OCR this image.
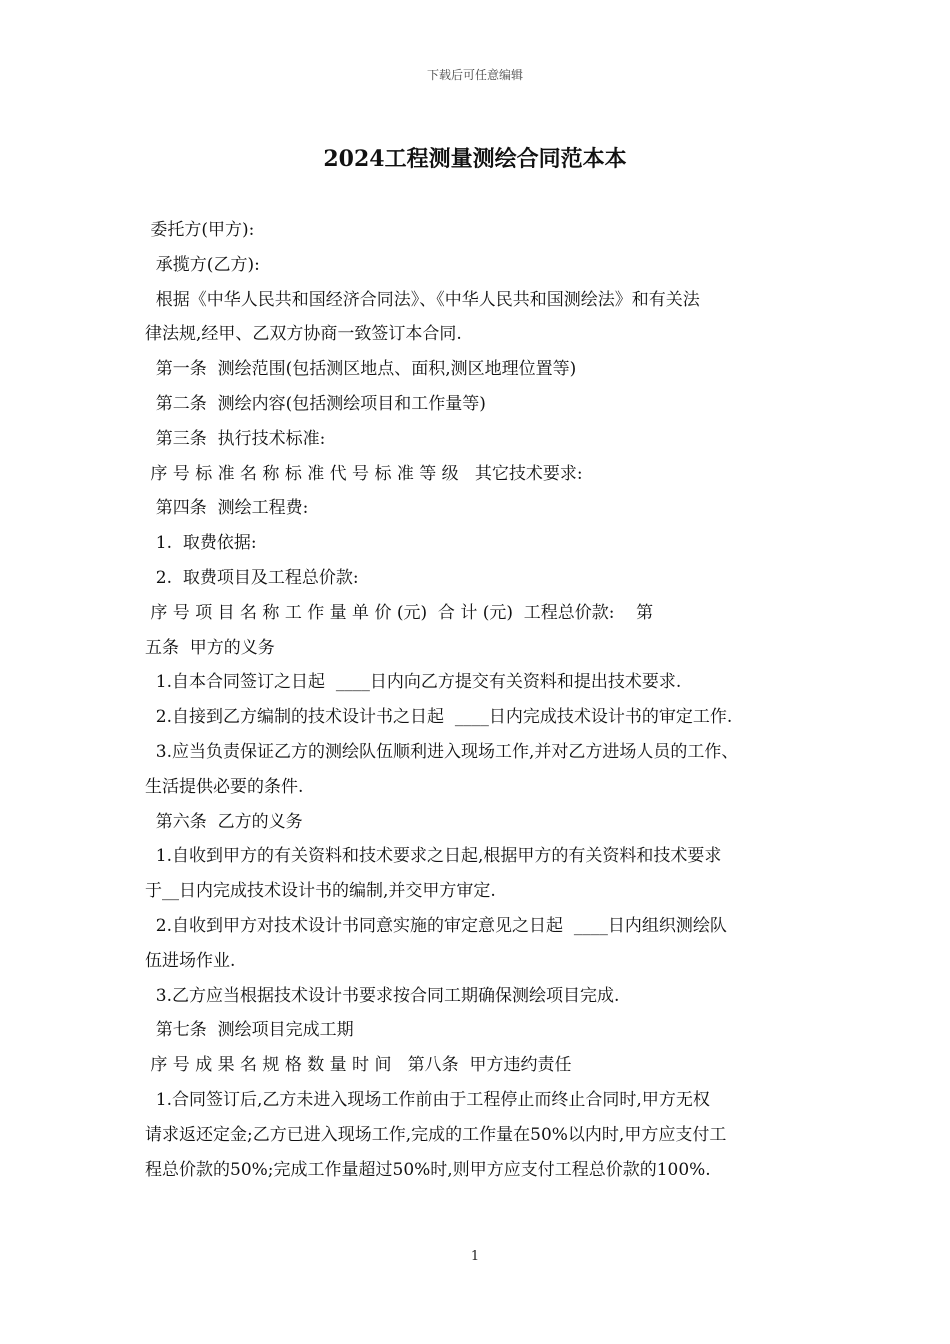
下载后可任意编辑
2024工程测量测绘合同范本本
委托方(甲方):
承揽方(乙方):
根据《中华人民共和国经济合同法》、《中华人民共和国测绘法》和有关法
律法规,经甲、乙双方协商一致签订本合同.
第一条  测绘范围(包括测区地点、面积,测区地理位置等)
第二条  测绘内容(包括测绘项目和工作量等)
第三条  执行技术标准:
序 号 标 准 名 称 标 准 代 号 标 准 等 级   其它技术要求:
第四条  测绘工程费:
1.  取费依据:
2.  取费项目及工程总价款:
序 号 项 目 名 称 工 作 量 单 价 (元)  合 计 (元)  工程总价款:    第
五条  甲方的义务
1.自本合同签订之日起  ____日内向乙方提交有关资料和提出技术要求.
2.自接到乙方编制的技术设计书之日起  ____日内完成技术设计书的审定工作.
3.应当负责保证乙方的测绘队伍顺利进入现场工作,并对乙方进场人员的工作、
生活提供必要的条件.
第六条  乙方的义务
1.自收到甲方的有关资料和技术要求之日起,根据甲方的有关资料和技术要求
于__日内完成技术设计书的编制,并交甲方审定.
2.自收到甲方对技术设计书同意实施的审定意见之日起  ____日内组织测绘队
伍进场作业.
3.乙方应当根据技术设计书要求按合同工期确保测绘项目完成.
第七条  测绘项目完成工期
序 号 成 果 名 规 格 数 量 时 间   第八条  甲方违约责任
1.合同签订后,乙方未进入现场工作前由于工程停止而终止合同时,甲方无权
请求返还定金;乙方已进入现场工作,完成的工作量在50%以内时,甲方应支付工
程总价款的50%;完成工作量超过50%时,则甲方应支付工程总价款的100%.
1
